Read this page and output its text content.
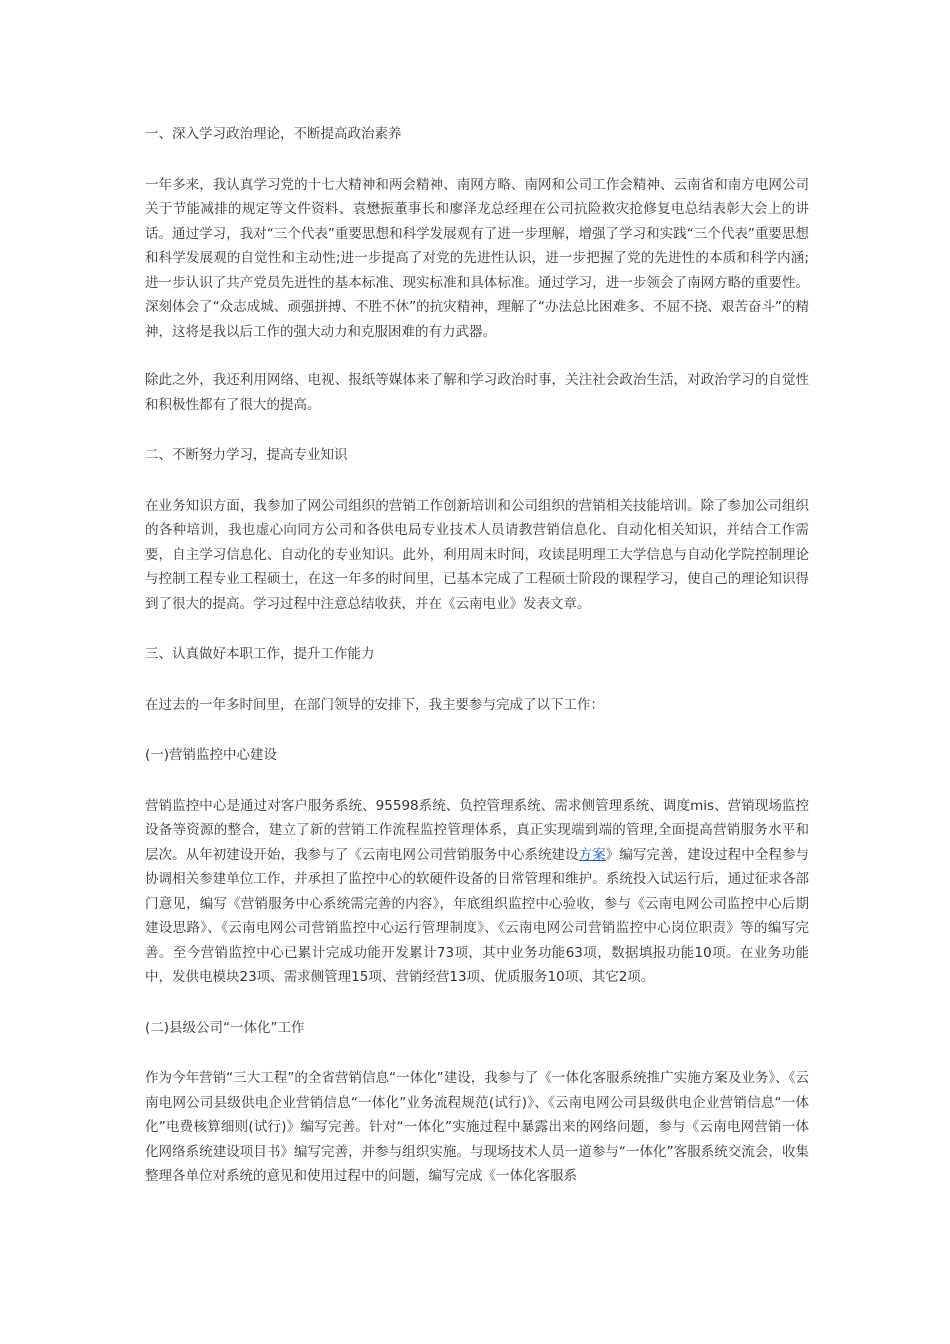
一、深入学习政治理论，不断提高政治素养

一年多来，我认真学习党的十七大精神和两会精神、南网方略、南网和公司工作会精神、云南省和南方电网公司关于节能减排的规定等文件资料、袁懋振董事长和廖泽龙总经理在公司抗险救灾抢修复电总结表彰大会上的讲话。通过学习，我对“三个代表”重要思想和科学发展观有了进一步理解，增强了学习和实践“三个代表”重要思想和科学发展观的自觉性和主动性;进一步提高了对党的先进性认识，进一步把握了党的先进性的本质和科学内涵;进一步认识了共产党员先进性的基本标准、现实标准和具体标准。通过学习，进一步领会了南网方略的重要性。深刻体会了“众志成城、顽强拼搏、不胜不休”的抗灾精神，理解了“办法总比困难多、不屈不挠、艰苦奋斗”的精神，这将是我以后工作的强大动力和克服困难的有力武器。

除此之外，我还利用网络、电视、报纸等媒体来了解和学习政治时事，关注社会政治生活，对政治学习的自觉性和积极性都有了很大的提高。

二、不断努力学习，提高专业知识

在业务知识方面，我参加了网公司组织的营销工作创新培训和公司组织的营销相关技能培训。除了参加公司组织的各种培训，我也虚心向同方公司和各供电局专业技术人员请教营销信息化、自动化相关知识，并结合工作需要，自主学习信息化、自动化的专业知识。此外，利用周末时间，攻读昆明理工大学信息与自动化学院控制理论与控制工程专业工程硕士，在这一年多的时间里，已基本完成了工程硕士阶段的课程学习，使自己的理论知识得到了很大的提高。学习过程中注意总结收获，并在《云南电业》发表文章。

三、认真做好本职工作，提升工作能力

在过去的一年多时间里，在部门领导的安排下，我主要参与完成了以下工作：

(一)营销监控中心建设

营销监控中心是通过对客户服务系统、95598系统、负控管理系统、需求侧管理系统、调度mis、营销现场监控设备等资源的整合，建立了新的营销工作流程监控管理体系，真正实现端到端的管理,全面提高营销服务水平和层次。从年初建设开始，我参与了《云南电网公司营销服务中心系统建设方案》编写完善，建设过程中全程参与协调相关参建单位工作，并承担了监控中心的软硬件设备的日常管理和维护。系统投入试运行后，通过征求各部门意见，编写《营销服务中心系统需完善的内容》，年底组织监控中心验收，参与《云南电网公司监控中心后期建设思路》、《云南电网公司营销监控中心运行管理制度》、《云南电网公司营销监控中心岗位职责》等的编写完善。至今营销监控中心已累计完成功能开发累计73项，其中业务功能63项，数据填报功能10项。在业务功能中，发供电模块23项、需求侧管理15项、营销经营13项、优质服务10项、其它2项。

(二)县级公司“一体化”工作

作为今年营销“三大工程”的全省营销信息“一体化”建设，我参与了《一体化客服系统推广实施方案及业务》、《云南电网公司县级供电企业营销信息“一体化”业务流程规范(试行)》、《云南电网公司县级供电企业营销信息“一体化”电费核算细则(试行)》编写完善。针对“一体化”实施过程中暴露出来的网络问题，参与《云南电网营销一体化网络系统建设项目书》编写完善，并参与组织实施。与现场技术人员一道参与“一体化”客服系统交流会，收集整理各单位对系统的意见和使用过程中的问题，编写完成《一体化客服系
